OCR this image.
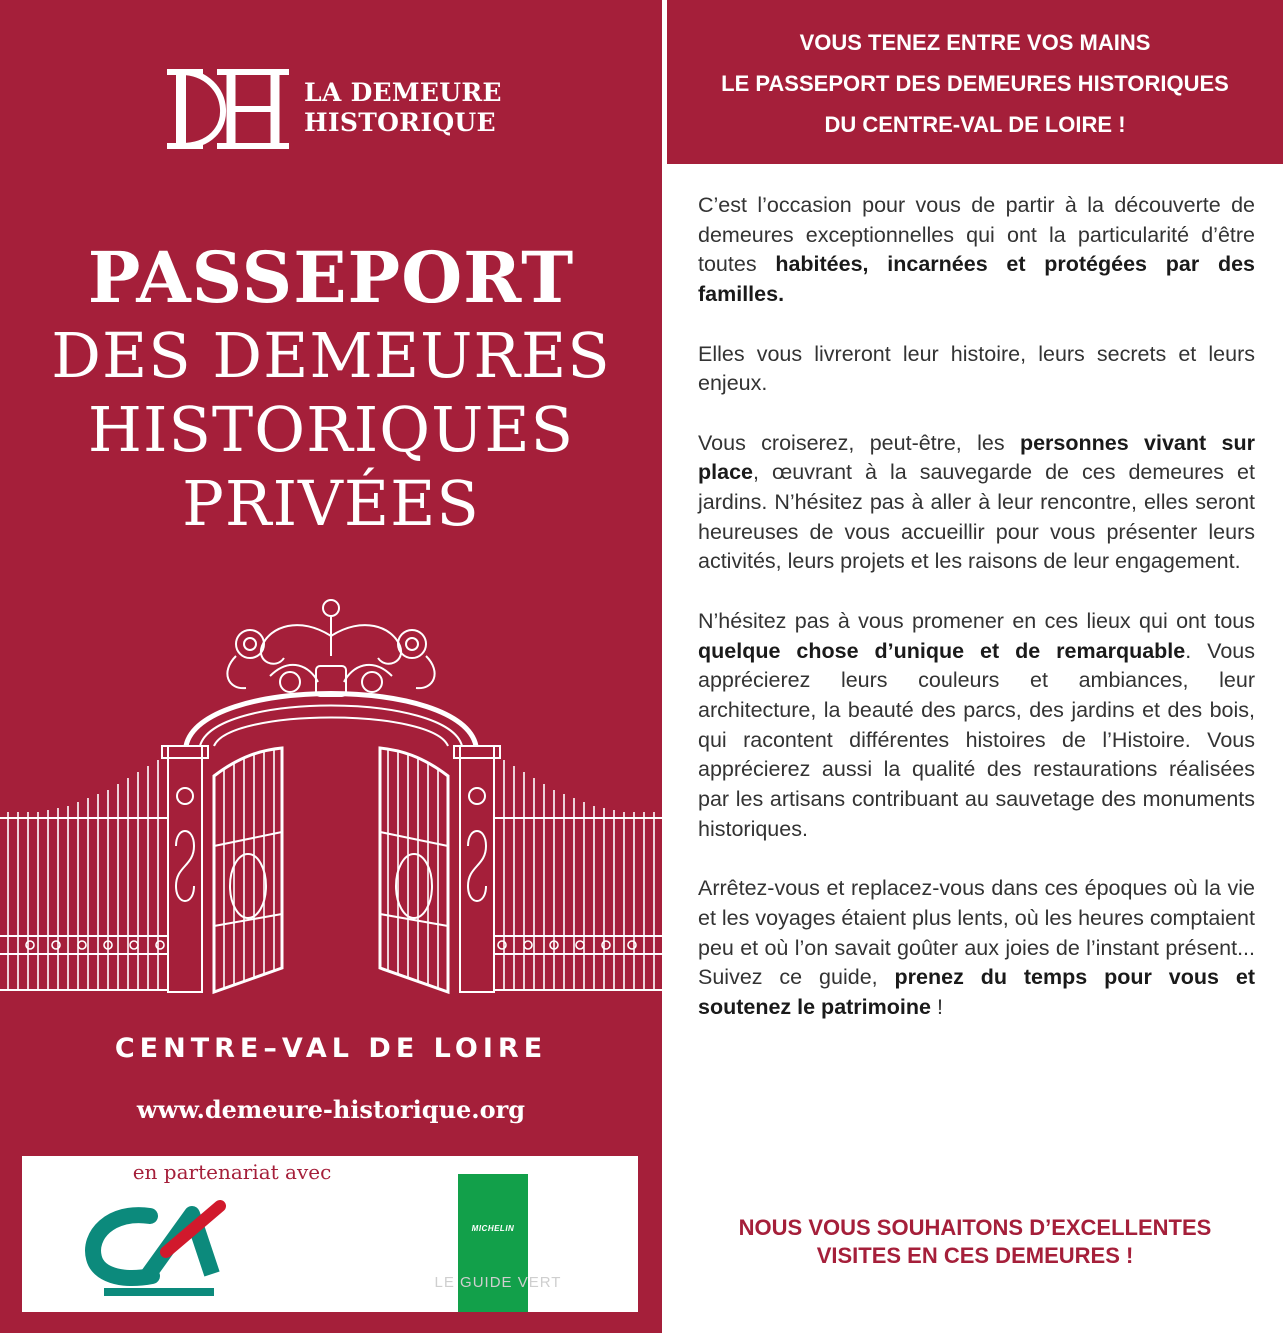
LA DEMEURE
HISTORIQUE
PASSEPORT
DES DEMEURES
HISTORIQUES
PRIVÉES
CENTRE–VAL DE LOIRE
www.demeure-historique.org
en partenariat avec
MICHELIN
LE GUIDE VERT
VOUS TENEZ ENTRE VOS MAINS
LE PASSEPORT DES DEMEURES HISTORIQUES
DU CENTRE-VAL DE LOIRE !

C’est l’occasion pour vous de partir à la découverte de demeures exceptionnelles qui ont la particularité d’être toutes habitées, incarnées et protégées par des familles.

Elles vous livreront leur histoire, leurs secrets et leurs enjeux.

Vous croiserez, peut-être, les personnes vivant sur place, œuvrant à la sauvegarde de ces demeures et jardins. N’hésitez pas à aller à leur rencontre, elles seront heureuses de vous accueillir pour vous présenter leurs activités, leurs projets et les raisons de leur engagement.

N’hésitez pas à vous promener en ces lieux qui ont tous quelque chose d’unique et de remarquable. Vous apprécierez leurs couleurs et ambiances, leur architecture, la beauté des parcs, des jardins et des bois, qui racontent différentes histoires de l’Histoire. Vous apprécierez aussi la qualité des restaurations réalisées par les artisans contribuant au sauvetage des monuments historiques.

Arrêtez-vous et replacez-vous dans ces époques où la vie et les voyages étaient plus lents, où les heures comptaient peu et où l’on savait goûter aux joies de l’instant présent... Suivez ce guide, prenez du temps pour vous et soutenez le patrimoine !

NOUS VOUS SOUHAITONS D’EXCELLENTES
VISITES EN CES DEMEURES !
